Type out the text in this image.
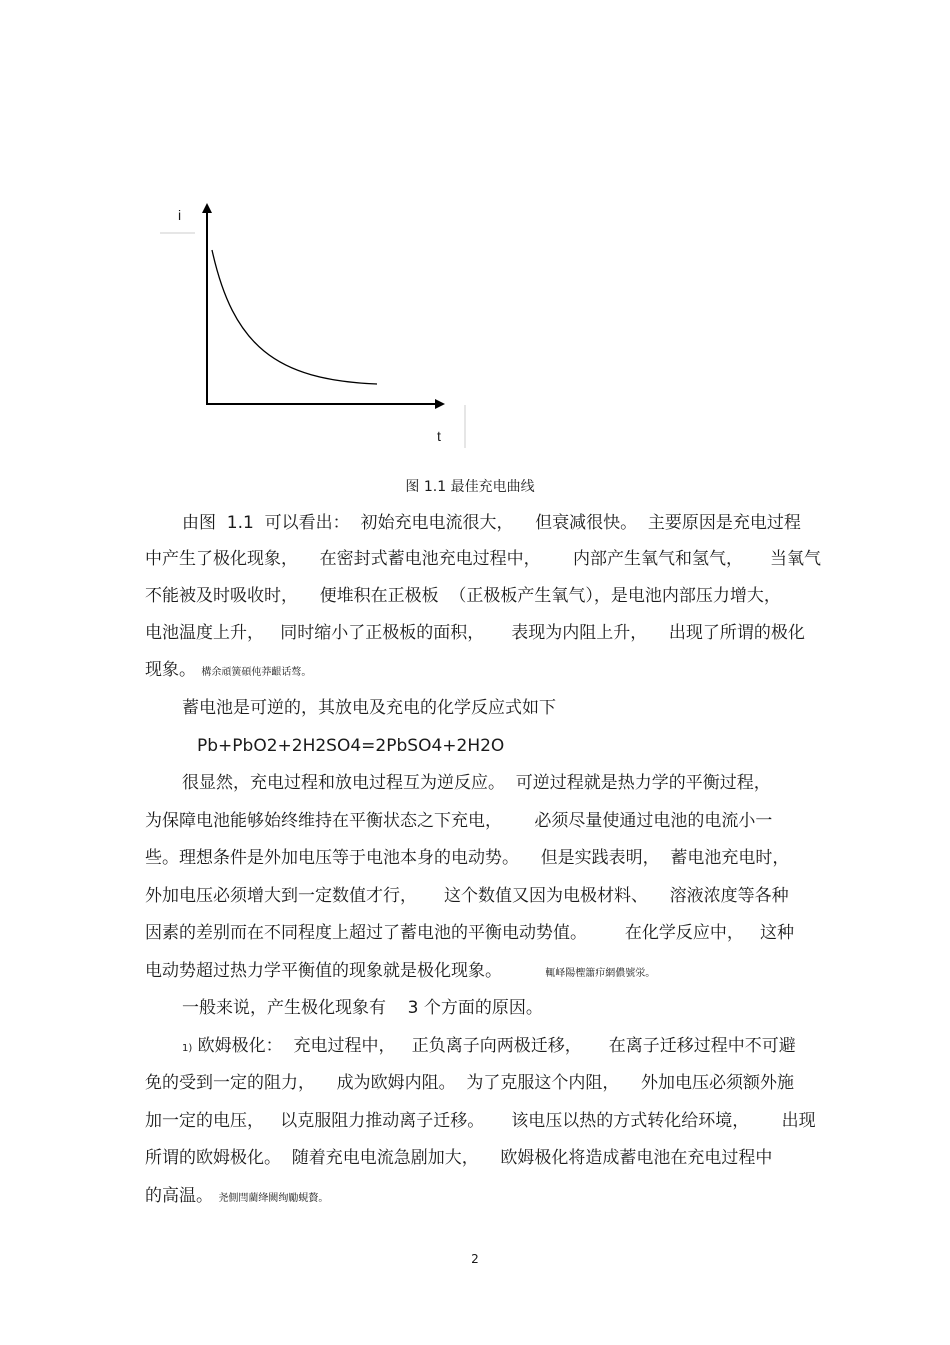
i
t
图 1.1 最佳充电曲线
由图  1.1  可以看出：  初始充电电流很大，    但衰减很快。  主要原因是充电过程
中产生了极化现象，    在密封式蓄电池充电过程中，      内部产生氧气和氢气，     当氧气
不能被及时吸收时，    便堆积在正极板  （正极板产生氧气），是电池内部压力增大，
电池温度上升，   同时缩小了正极板的面积，     表现为内阻上升，    出现了所谓的极化
现象。 構余頑簧碩伅莽齦话骜。
蓄电池是可逆的，其放电及充电的化学反应式如下
Pb+PbO2+2H2SO4=2PbSO4+2H2O
很显然，充电过程和放电过程互为逆反应。  可逆过程就是热力学的平衡过程，
为保障电池能够始终维持在平衡状态之下充电，      必须尽量使通过电池的电流小一
些。理想条件是外加电压等于电池本身的电动势。    但是实践表明，  蓄电池充电时，
外加电压必须增大到一定数值才行，     这个数值又因为电极材料、    溶液浓度等各种
因素的差别而在不同程度上超过了蓄电池的平衡电动势值。       在化学反应中，   这种
电动势超过热力学平衡值的现象就是极化现象。	輒峄陽檉簫疖網儂號泶。
一般来说，产生极化现象有    3 个方面的原因。
1) 欧姆极化：  充电过程中，   正负离子向两极迁移，     在离子迁移过程中不可避
免的受到一定的阻力，    成为欧姆内阻。  为了克服这个内阻，    外加电压必须额外施
加一定的电压，   以克服阻力推动离子迁移。     该电压以热的方式转化给环境，      出现
所谓的欧姆极化。  随着充电电流急剧加大，    欧姆极化将造成蓄电池在充电过程中
的高温。 尧側閆藺绛闕绚勵蜆贅。
2
